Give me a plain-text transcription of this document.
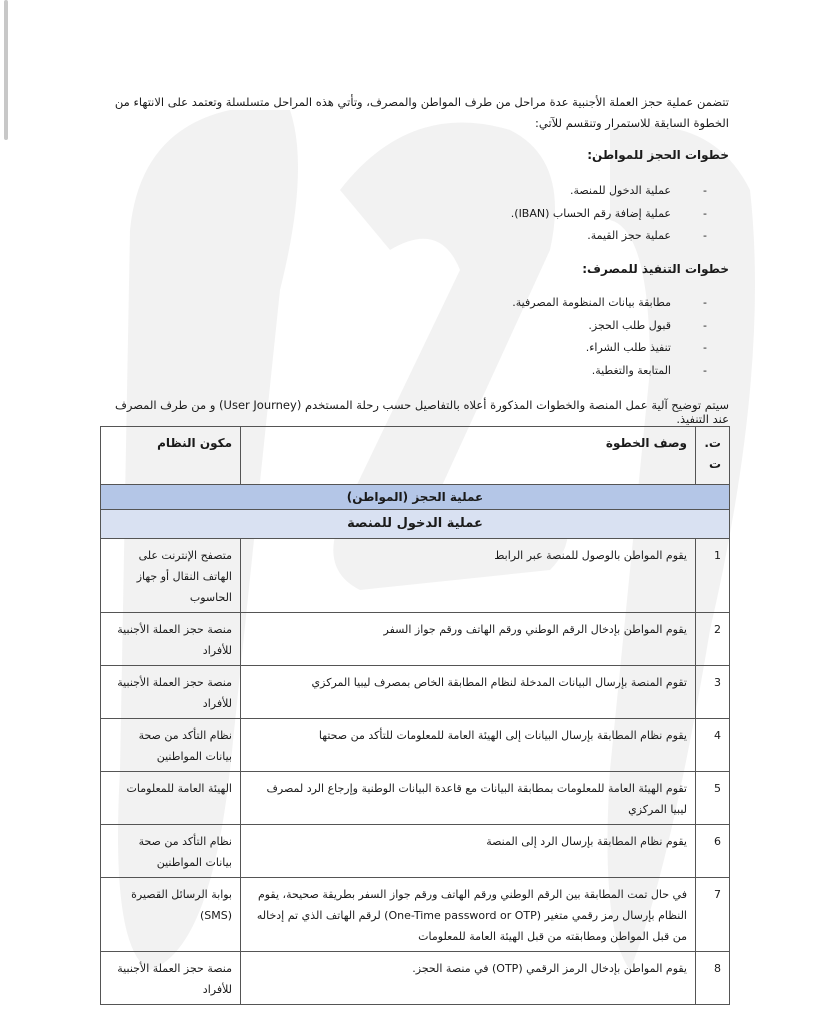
تتضمن عملية حجز العملة الأجنبية عدة مراحل من طرف المواطن والمصرف، وتأتي هذه المراحل متسلسلة وتعتمد على الانتهاء من الخطوة السابقة للاستمرار وتنقسم للآتي:

خطوات الحجز للمواطن:
-
عملية الدخول للمنصة.
-
عملية إضافة رقم الحساب (IBAN).
-
عملية حجز القيمة.
خطوات التنفيذ للمصرف:
-
مطابقة بيانات المنظومة المصرفية.
-
قبول طلب الحجز.
-
تنفيذ طلب الشراء.
-
المتابعة والتغطية.

سيتم توضيح آلية عمل المنصة والخطوات المذكورة أعلاه بالتفاصيل حسب رحلة المستخدم (User Journey) و من طرف المصرف عند التنفيذ.

ت. ت	وصف الخطوة	مكون النظام
عملية الحجز (المواطن)		
عملية الدخول للمنصة		
1	يقوم المواطن بالوصول للمنصة عبر الرابط	متصفح الإنترنت على الهاتف النقال أو جهاز الحاسوب
2	يقوم المواطن بإدخال الرقم الوطني ورقم الهاتف ورقم جواز السفر	منصة حجز العملة الأجنبية للأفراد
3	تقوم المنصة بإرسال البيانات المدخلة لنظام المطابقة الخاص بمصرف ليبيا المركزي	منصة حجز العملة الأجنبية للأفراد
4	يقوم نظام المطابقة بإرسال البيانات إلى الهيئة العامة للمعلومات للتأكد من صحتها	نظام التأكد من صحة بيانات المواطنين
5	تقوم الهيئة العامة للمعلومات بمطابقة البيانات مع قاعدة البيانات الوطنية وإرجاع الرد لمصرف ليبيا المركزي	الهيئة العامة للمعلومات
6	يقوم نظام المطابقة بإرسال الرد إلى المنصة	نظام التأكد من صحة بيانات المواطنين
7	في حال تمت المطابقة بين الرقم الوطني ورقم الهاتف ورقم جواز السفر بطريقة صحيحة، يقوم النظام بإرسال رمز رقمي متغير (One-Time password or OTP) لرقم الهاتف الذي تم إدخاله من قبل المواطن ومطابقته من قبل الهيئة العامة للمعلومات	بوابة الرسائل القصيرة (SMS)
8	يقوم المواطن بإدخال الرمز الرقمي (OTP) في منصة الحجز.	منصة حجز العملة الأجنبية للأفراد
